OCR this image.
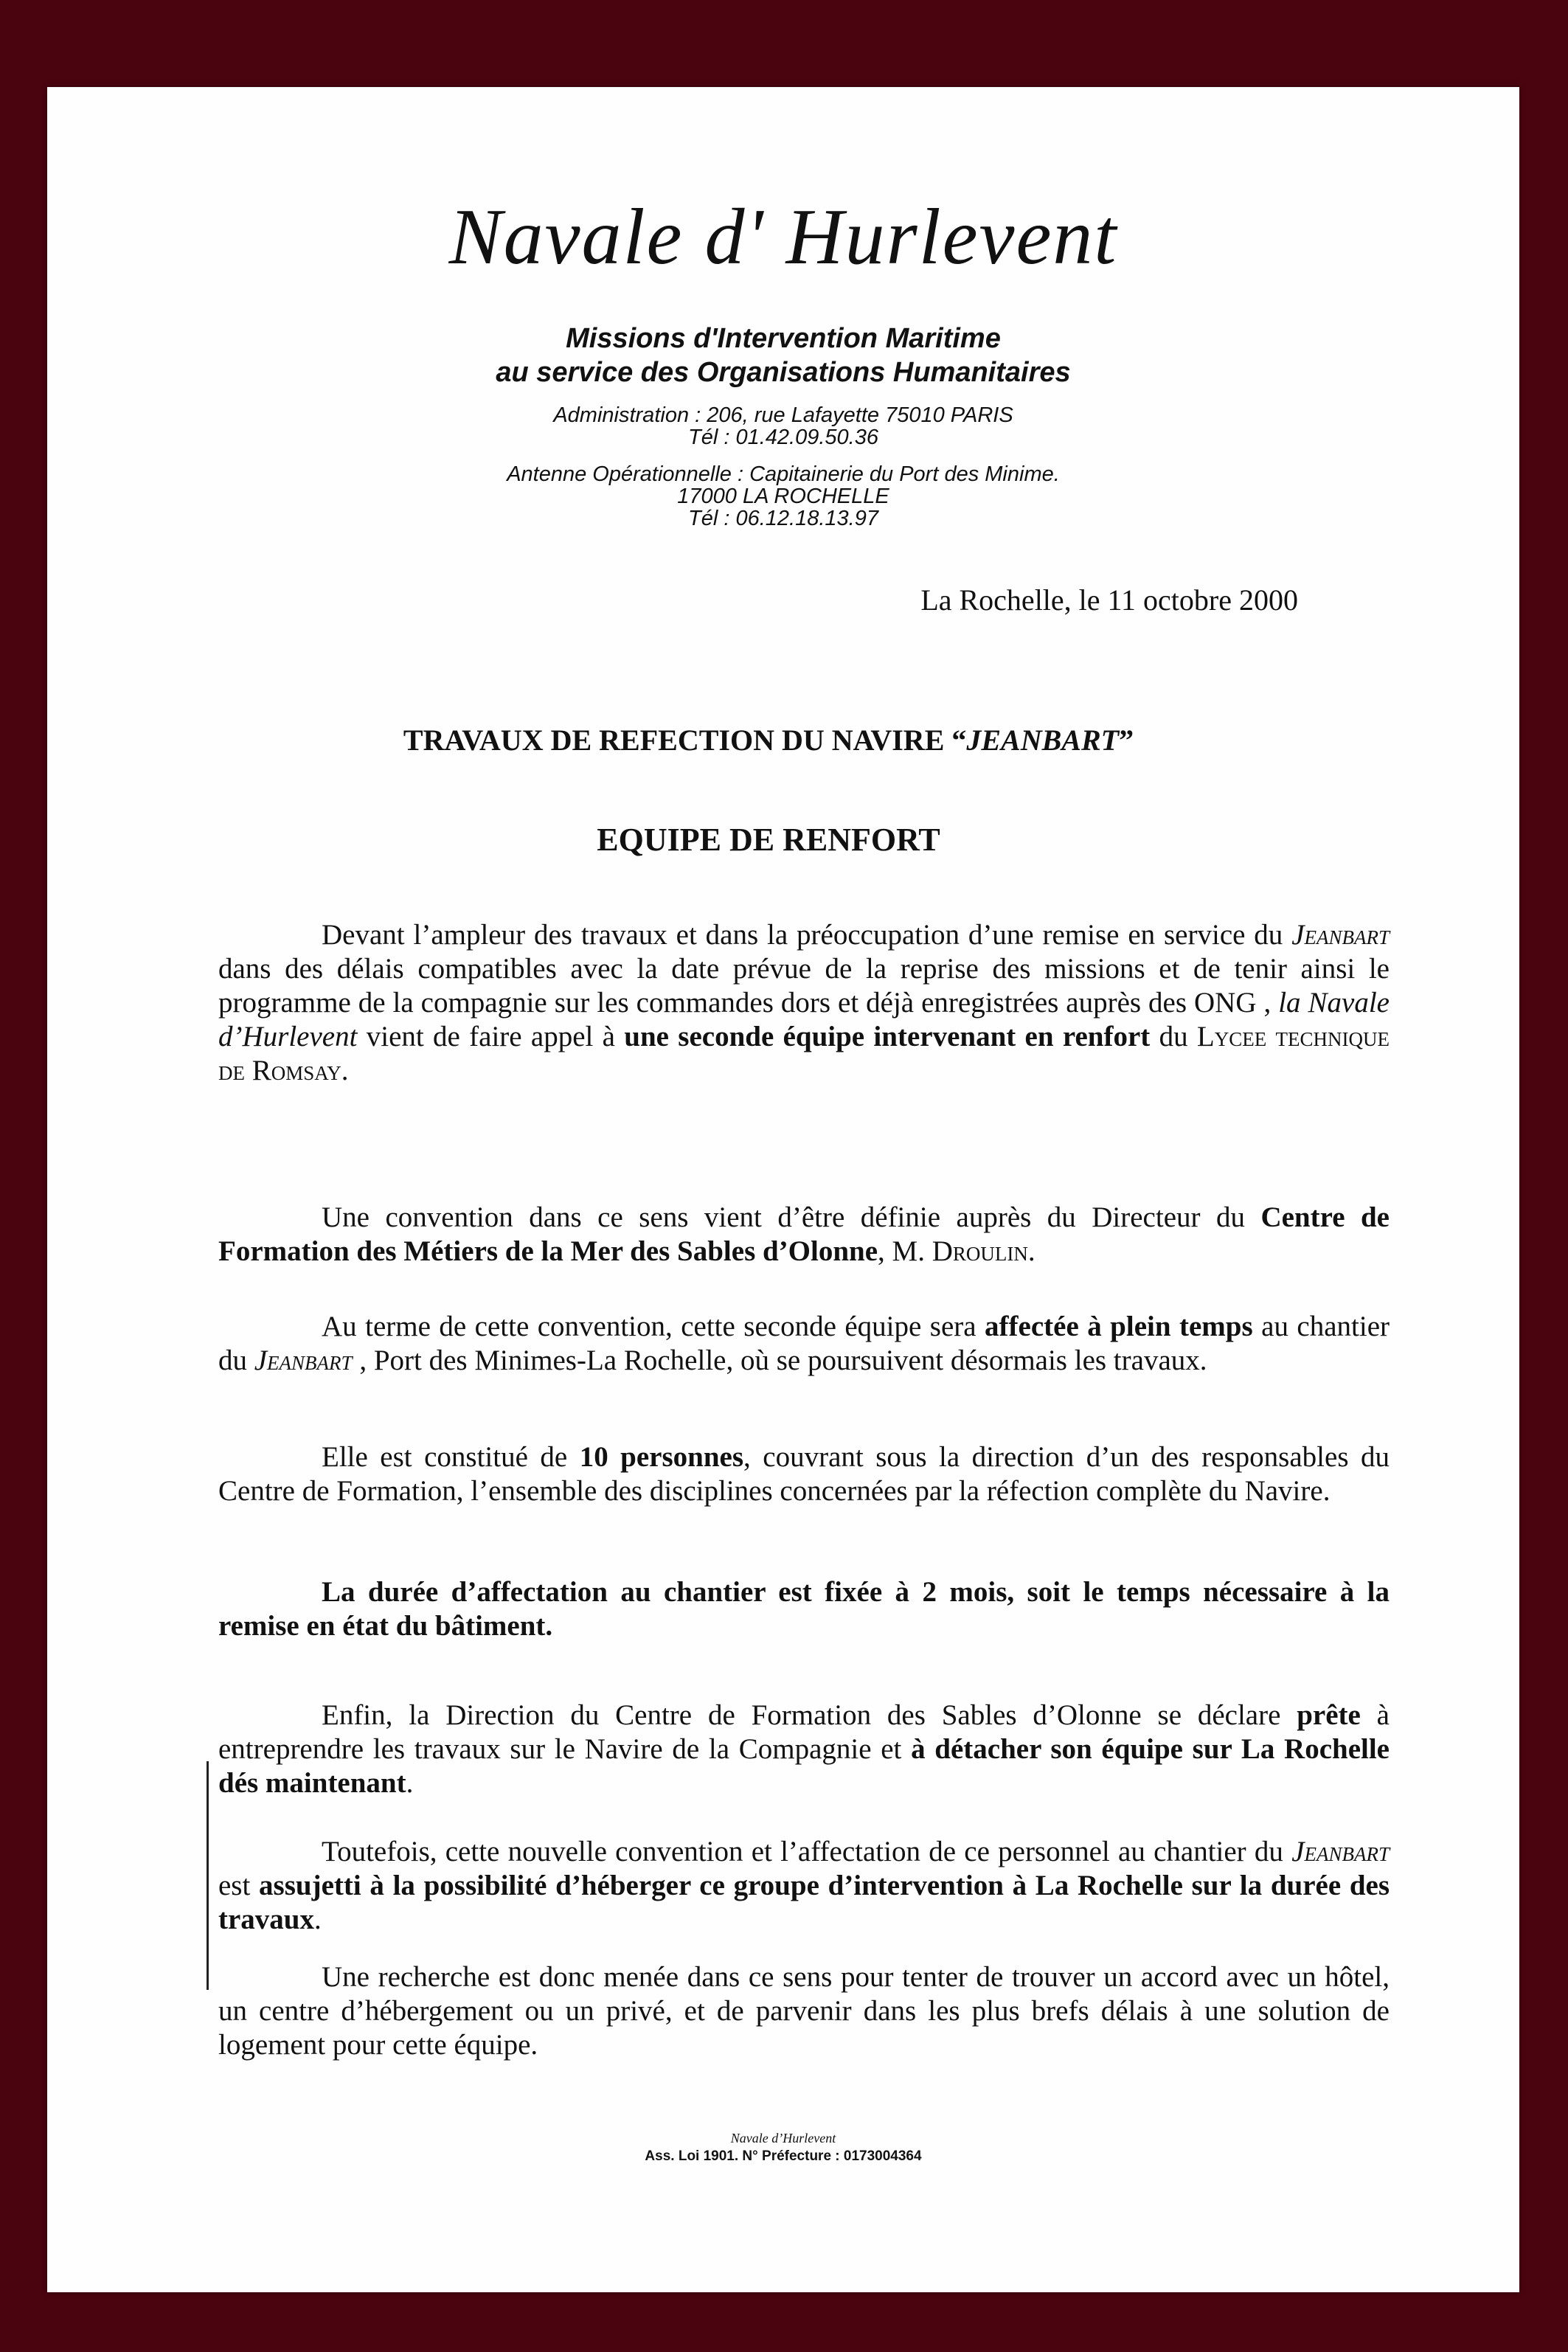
Navale d' Hurlevent
Missions d'Intervention Maritime
au service des Organisations Humanitaires
Administration : 206, rue Lafayette 75010 PARIS
Tél : 01.42.09.50.36
Antenne Opérationnelle : Capitainerie du Port des Minime.
17000 LA ROCHELLE
Tél : 06.12.18.13.97
La Rochelle, le 11 octobre 2000
TRAVAUX DE REFECTION DU NAVIRE “JEANBART”
EQUIPE DE RENFORT

Devant l’ampleur des travaux et dans la préoccupation d’une remise en service du Jeanbart dans des délais compatibles avec la date prévue de la reprise des missions et de tenir ainsi le programme de la compagnie sur les commandes dors et déjà enregistrées auprès des ONG , la Navale d’Hurlevent vient de faire appel à une seconde équipe intervenant en renfort du Lycee technique de Romsay.

Une convention dans ce sens vient d’être définie auprès du Directeur du Centre de Formation des Métiers de la Mer des Sables d’Olonne, M. Droulin.

Au terme de cette convention, cette seconde équipe sera affectée à plein temps au chantier du Jeanbart , Port des Minimes-La Rochelle, où se poursuivent désormais les travaux.

Elle est constitué de 10 personnes, couvrant sous la direction d’un des responsables du Centre de Formation, l’ensemble des disciplines concernées par la réfection complète du Navire.

La durée d’affectation au chantier est fixée à 2 mois, soit le temps nécessaire à la remise en état du bâtiment.

Enfin, la Direction du Centre de Formation des Sables d’Olonne se déclare prête à entreprendre les travaux sur le Navire de la Compagnie et à détacher son équipe sur La Rochelle dés maintenant.

Toutefois, cette nouvelle convention et l’affectation de ce personnel au chantier du Jeanbart est assujetti à la possibilité d’héberger ce groupe d’intervention à La Rochelle sur la durée des travaux.

Une recherche est donc menée dans ce sens pour tenter de trouver un accord avec un hôtel, un centre d’hébergement ou un privé, et de parvenir dans les plus brefs délais à une solution de logement pour cette équipe.

Navale d’Hurlevent
Ass. Loi 1901. N° Préfecture : 0173004364
